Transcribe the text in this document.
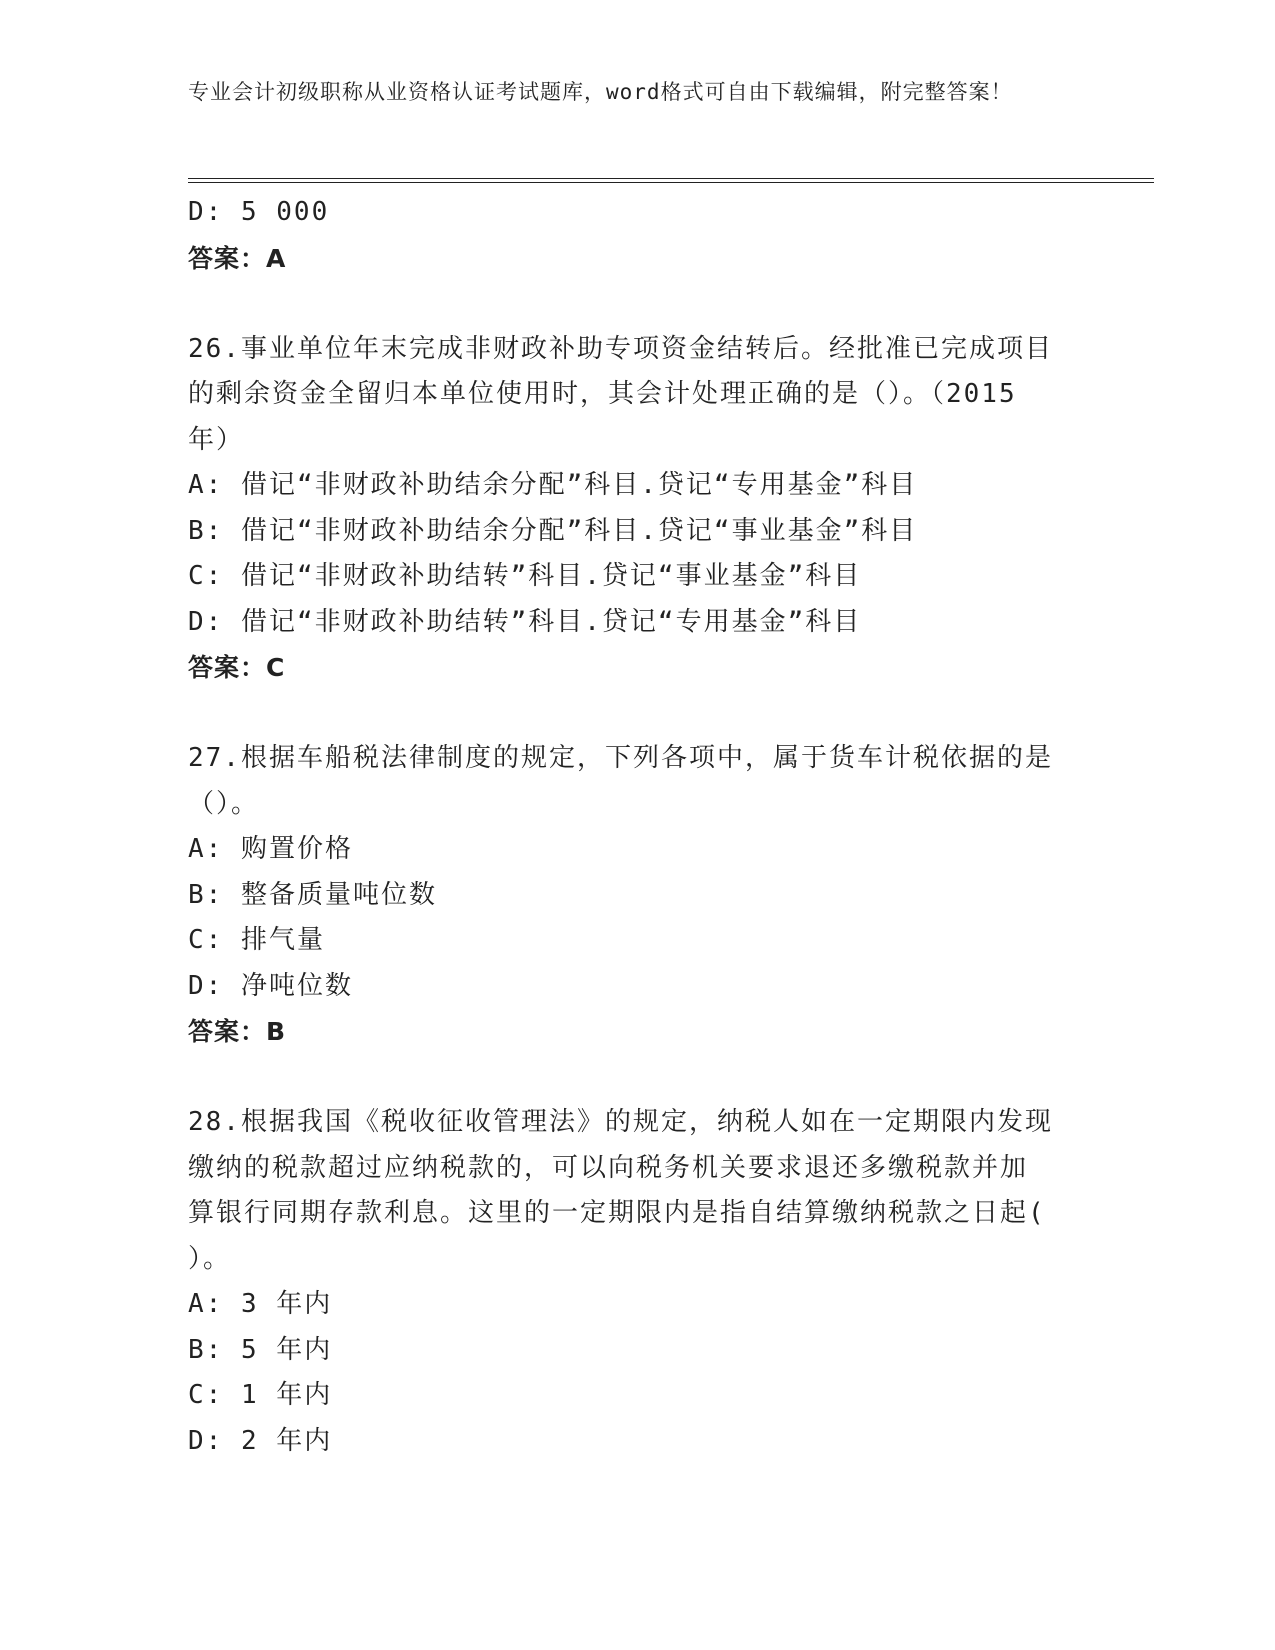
专业会计初级职称从业资格认证考试题库，word格式可自由下载编辑，附完整答案！
D: 5 000
答案：A
26.事业单位年末完成非财政补助专项资金结转后。经批准已完成项目
的剩余资金全留归本单位使用时，其会计处理正确的是（）。（2015
年）
A: 借记“非财政补助结余分配”科目.贷记“专用基金”科目
B: 借记“非财政补助结余分配”科目.贷记“事业基金”科目
C: 借记“非财政补助结转”科目.贷记“事业基金”科目
D: 借记“非财政补助结转”科目.贷记“专用基金”科目
答案：C
27.根据车船税法律制度的规定，下列各项中，属于货车计税依据的是
（）。
A: 购置价格
B: 整备质量吨位数
C: 排气量
D: 净吨位数
答案：B
28.根据我国《税收征收管理法》的规定，纳税人如在一定期限内发现
缴纳的税款超过应纳税款的，可以向税务机关要求退还多缴税款并加
算银行同期存款利息。这里的一定期限内是指自结算缴纳税款之日起(
）。
A: 3 年内
B: 5 年内
C: 1 年内
D: 2 年内
